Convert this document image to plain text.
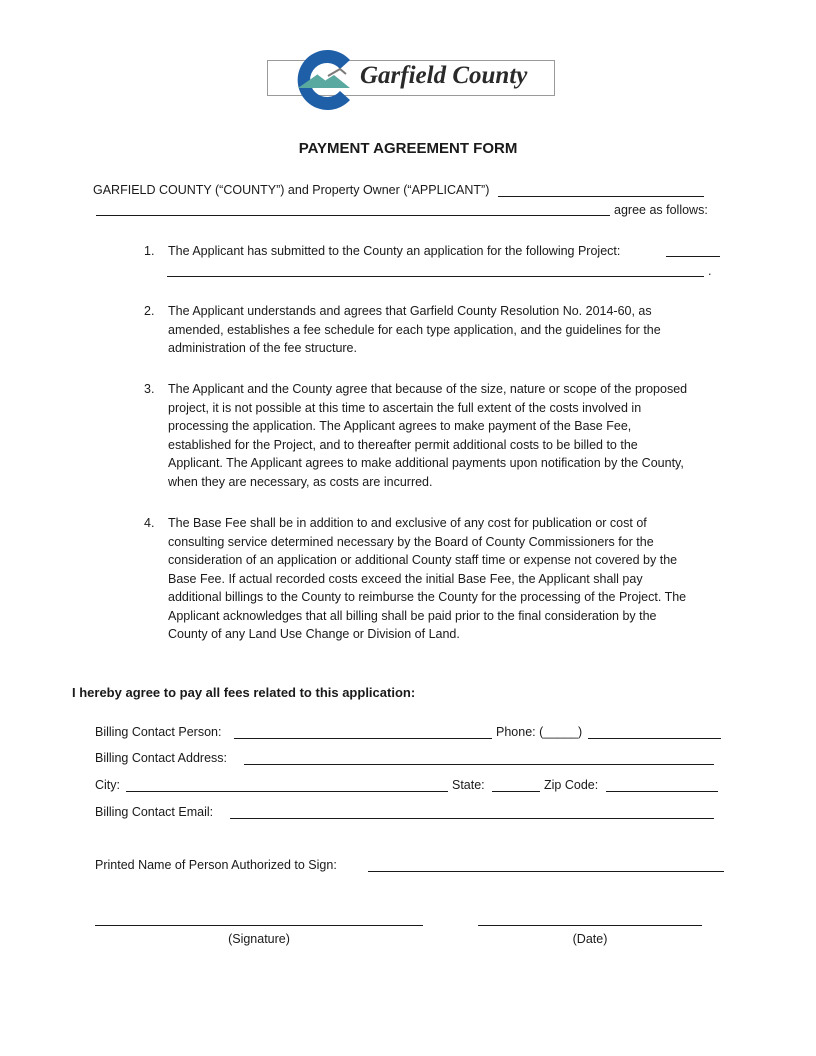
Garfield County
PAYMENT AGREEMENT FORM
GARFIELD COUNTY (“COUNTY”) and Property Owner (“APPLICANT”)
agree as follows:
1. The Applicant has submitted to the County an application for the following Project:
.
2. The Applicant understands and agrees that Garfield County Resolution No. 2014-60, as
amended, establishes a fee schedule for each type application, and the guidelines for the
administration of the fee structure.
3. The Applicant and the County agree that because of the size, nature or scope of the proposed
project, it is not possible at this time to ascertain the full extent of the costs involved in
processing the application. The Applicant agrees to make payment of the Base Fee,
established for the Project, and to thereafter permit additional costs to be billed to the
Applicant. The Applicant agrees to make additional payments upon notification by the County,
when they are necessary, as costs are incurred.
4. The Base Fee shall be in addition to and exclusive of any cost for publication or cost of
consulting service determined necessary by the Board of County Commissioners for the
consideration of an application or additional County staff time or expense not covered by the
Base Fee. If actual recorded costs exceed the initial Base Fee, the Applicant shall pay
additional billings to the County to reimburse the County for the processing of the Project. The
Applicant acknowledges that all billing shall be paid prior to the final consideration by the
County of any Land Use Change or Division of Land.
I hereby agree to pay all fees related to this application:
Billing Contact Person:	Phone: (_____)
Billing Contact Address:
City:	State:	Zip Code:
Billing Contact Email:
Printed Name of Person Authorized to Sign:
(Signature)	(Date)
